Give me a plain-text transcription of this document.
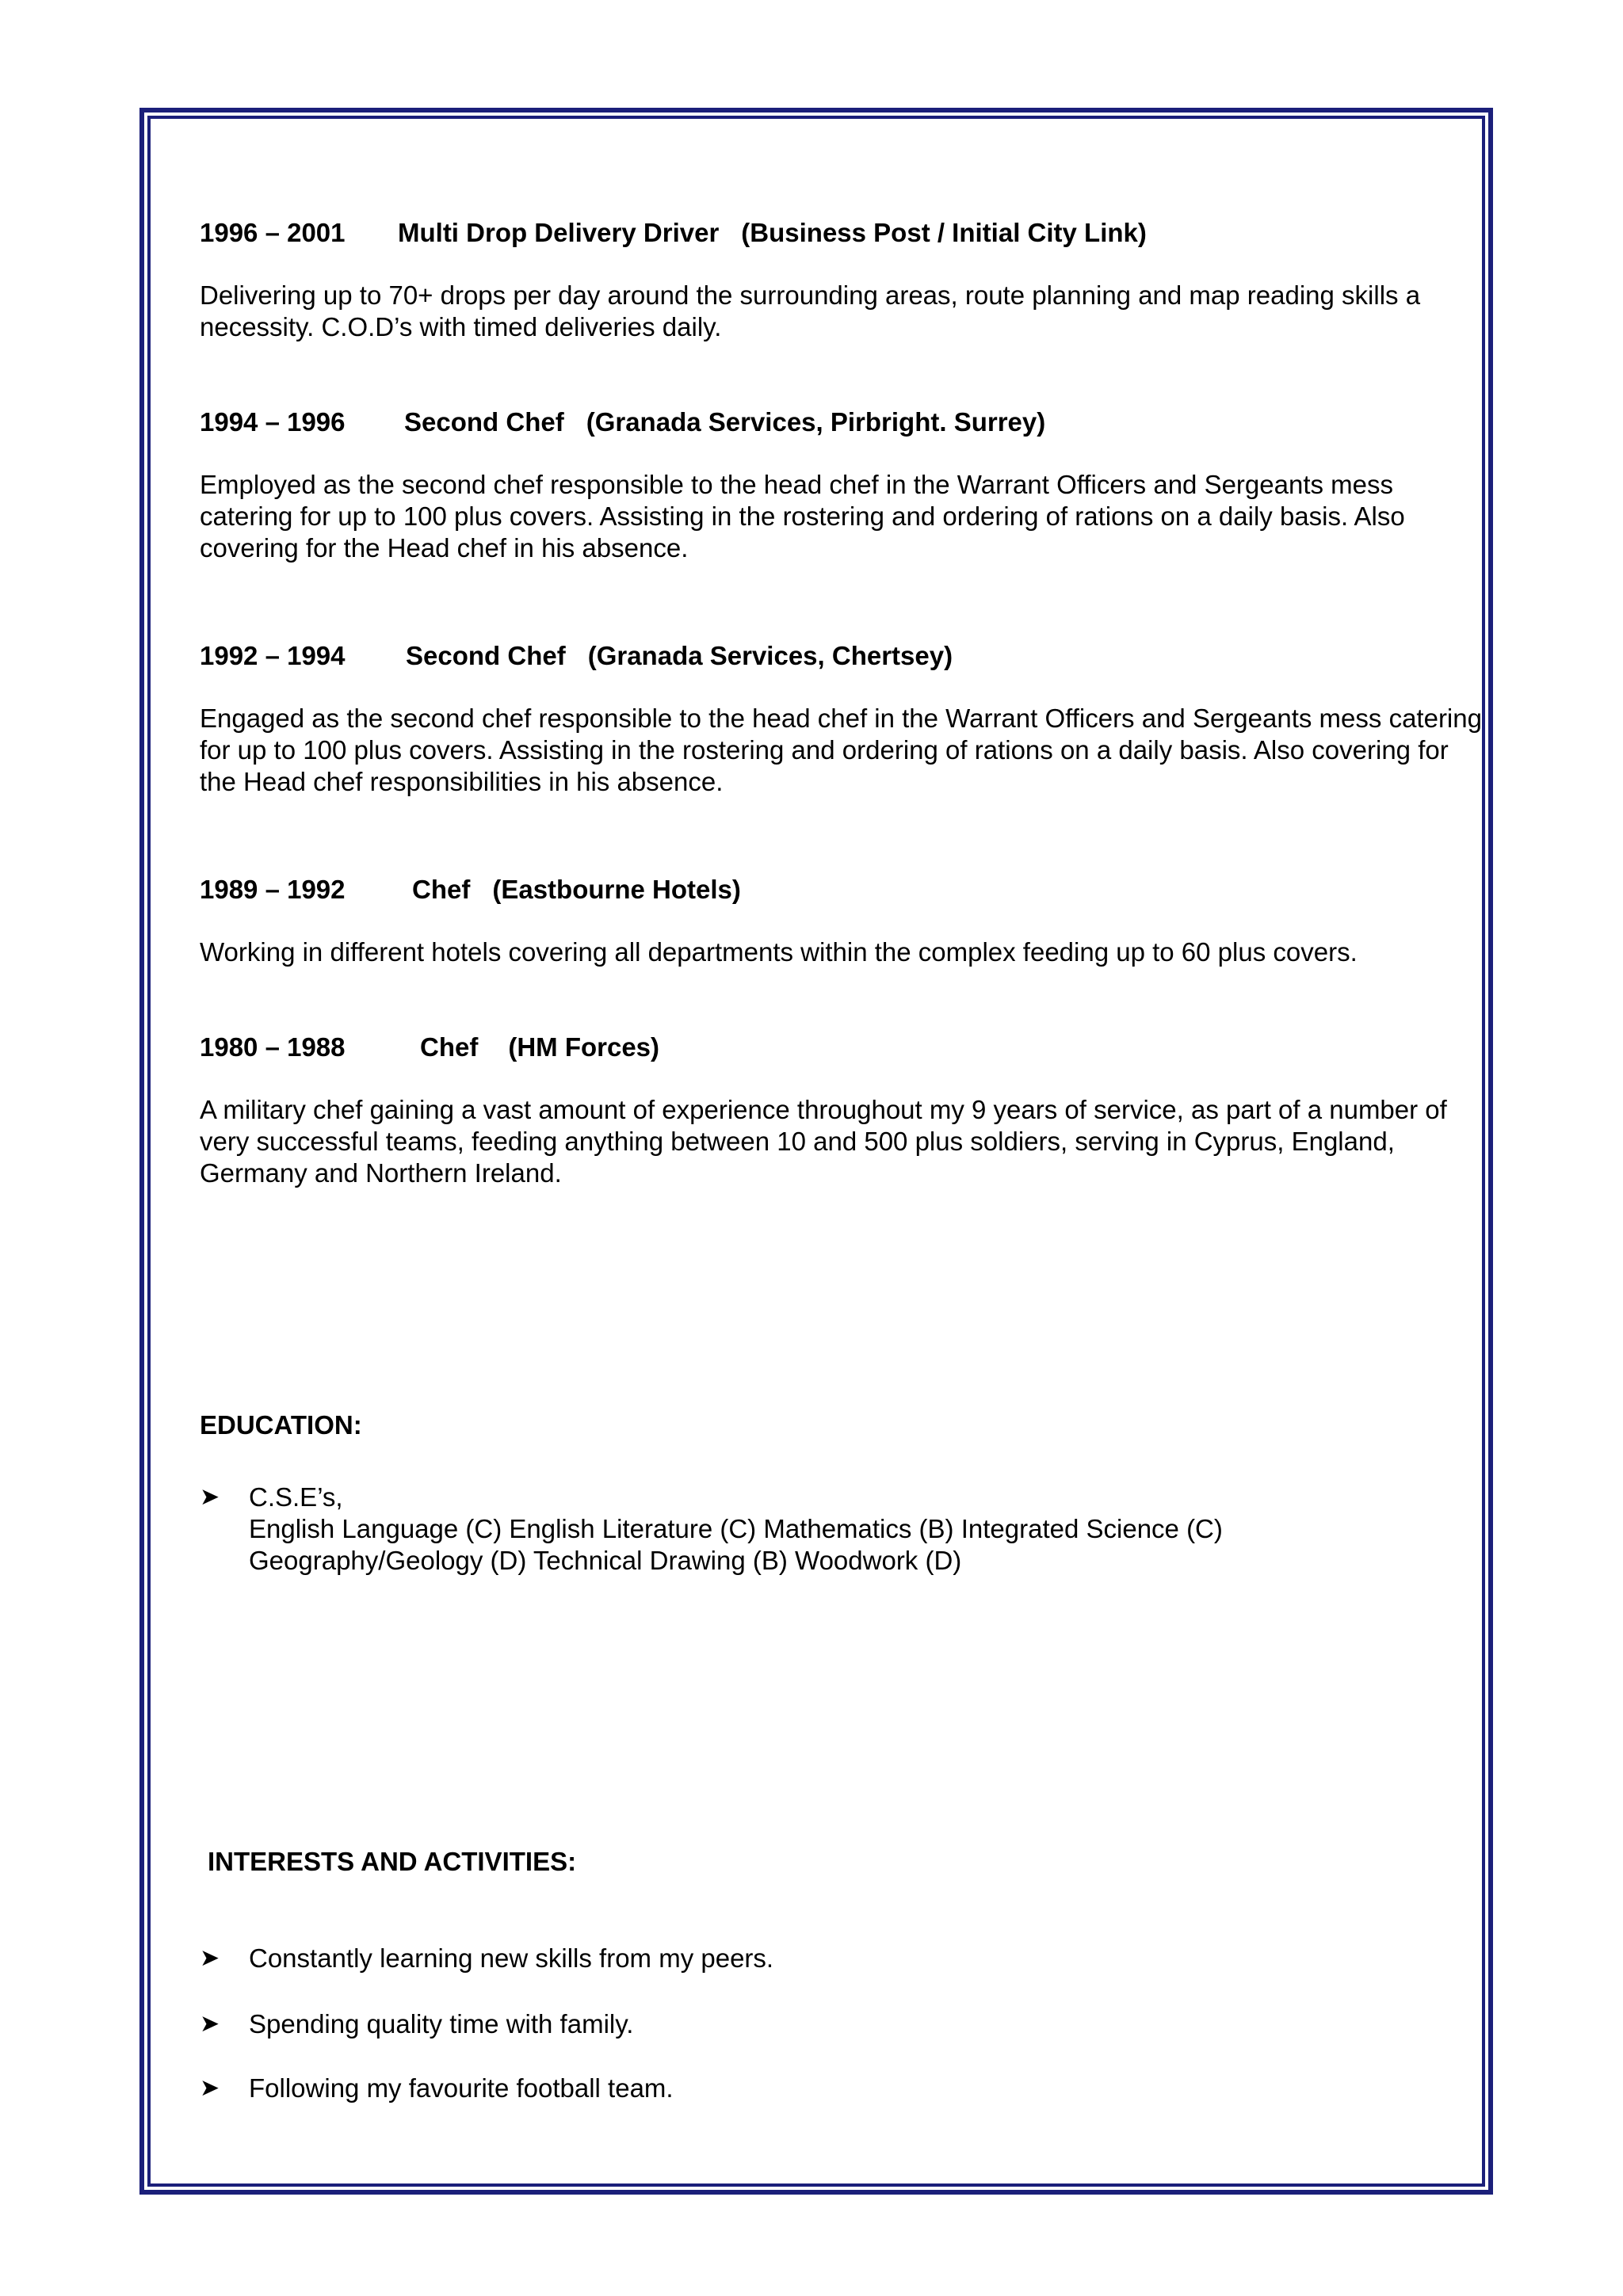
1996 – 2001 Multi Drop Delivery Driver (Business Post / Initial City Link)
Delivering up to 70+ drops per day around the surrounding areas, route planning and map reading skills a necessity. C.O.D’s with timed deliveries daily.
1994 – 1996 Second Chef (Granada Services, Pirbright. Surrey)
Employed as the second chef responsible to the head chef in the Warrant Officers and Sergeants mess catering for up to 100 plus covers. Assisting in the rostering and ordering of rations on a daily basis. Also covering for the Head chef in his absence.
1992 – 1994 Second Chef (Granada Services, Chertsey)
Engaged as the second chef responsible to the head chef in the Warrant Officers and Sergeants mess catering for up to 100 plus covers. Assisting in the rostering and ordering of rations on a daily basis. Also covering for the Head chef responsibilities in his absence.
1989 – 1992	Chef (Eastbourne Hotels)
Working in different hotels covering all departments within the complex feeding up to 60 plus covers.
1980 – 1988	Chef (HM Forces)
A military chef gaining a vast amount of experience throughout my 9 years of service, as part of a number of very successful teams, feeding anything between 10 and 500 plus soldiers, serving in Cyprus, England, Germany and Northern Ireland.
EDUCATION:
➤ C.S.E’s,
English Language (C) English Literature (C) Mathematics (B) Integrated Science (C)
Geography/Geology (D) Technical Drawing (B) Woodwork (D)
INTERESTS AND ACTIVITIES:
➤ Constantly learning new skills from my peers.
➤ Spending quality time with family.
➤ Following my favourite football team.
